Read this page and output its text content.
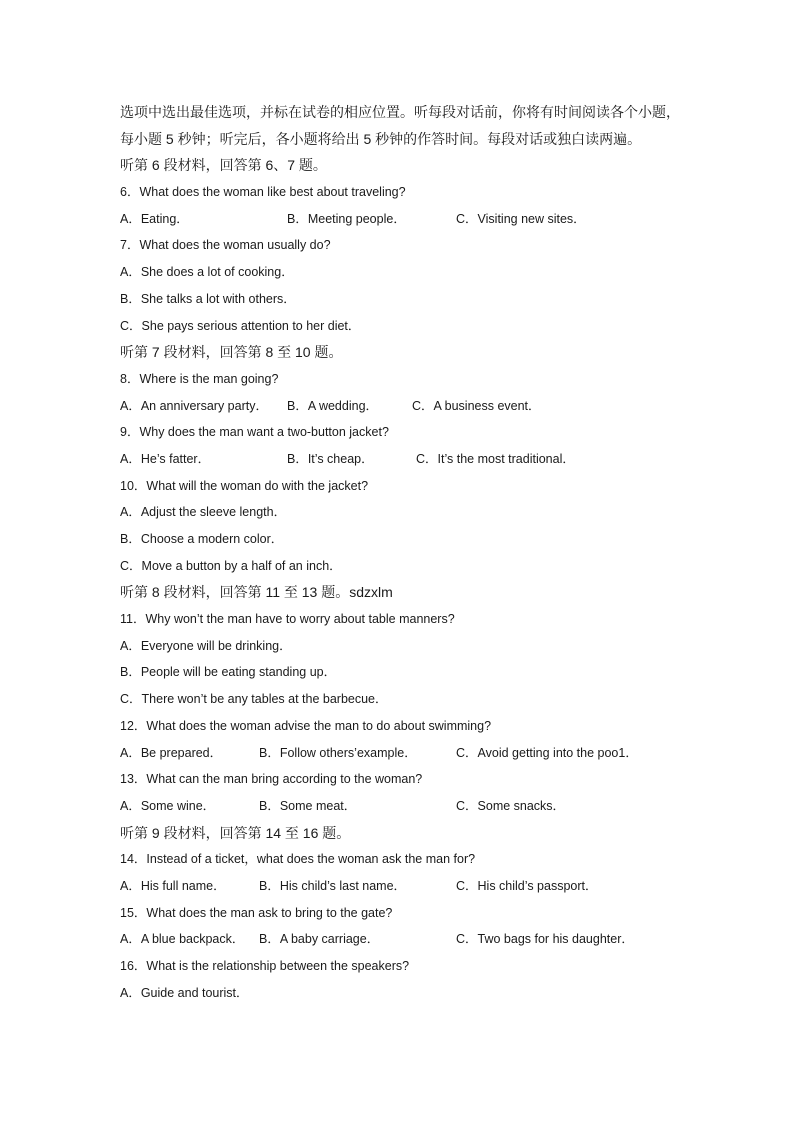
选项中选出最佳选项，并标在试卷的相应位置。听每段对话前，你将有时间阅读各个小题，
每小题 5 秒钟；听完后，各小题将给出 5 秒钟的作答时间。每段对话或独白读两遍。
听第 6 段材料，回答第 6、7 题。
6．What does the woman like best about traveling?
A．Eating．	B．Meeting people．	C．Visiting new sites．
7．What does the woman usually do?
A．She does a lot of cooking．
B．She talks a lot with others．
C．She pays serious attention to her diet．
听第 7 段材料，回答第 8 至 10 题。
8．Where is the man going?
A．An anniversary party． B．A wedding．	C．A business event．
9．Why does the man want a two-button jacket?
A．He’s fatter．	B．It’s cheap．	C．It’s the most traditional．
10．What will the woman do with the jacket?
A．Adjust the sleeve length．
B．Choose a modern color．
C．Move a button by a half of an inch．
听第 8 段材料，回答第 11 至 13 题。sdzxlm
11．Why won’t the man have to worry about table manners?
A．Everyone will be drinking．
B．People will be eating standing up．
C．There won’t be any tables at the barbecue．
12．What does the woman advise the man to do about swimming?
A．Be prepared．	B．Follow others’example．	C．Avoid getting into the poo1．
13．What can the man bring according to the woman?
A．Some wine．	B．Some meat．	C．Some snacks．
听第 9 段材料，回答第 14 至 16 题。
14．Instead of a ticket，what does the woman ask the man for?
A．His full name．	B．His child’s last name．	C．His child’s passport．
15．What does the man ask to bring to the gate?
A．A blue backpack． B．A baby carriage．	C．Two bags for his daughter．
16．What is the relationship between the speakers?
A．Guide and tourist．
